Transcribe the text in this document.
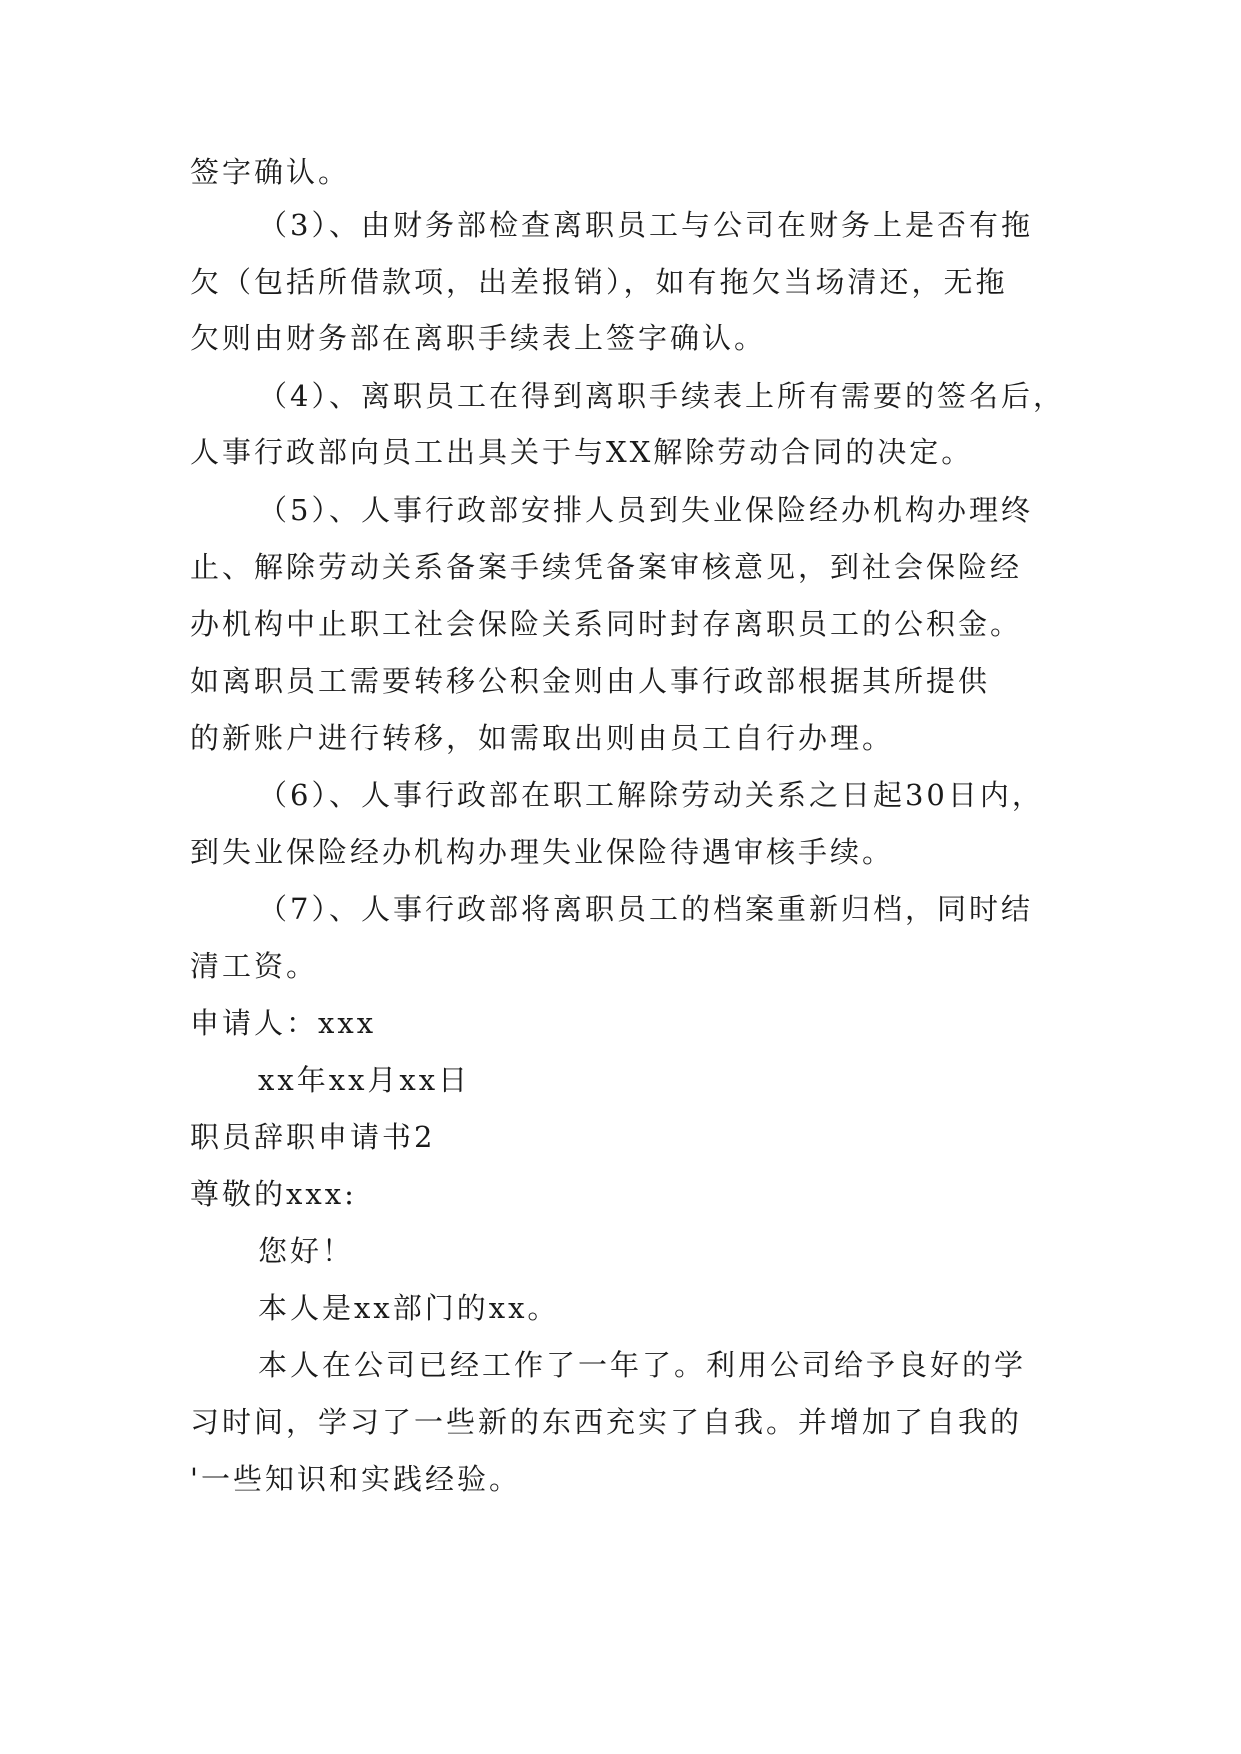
签字确认。
（3）、由财务部检查离职员工与公司在财务上是否有拖
欠（包括所借款项，出差报销），如有拖欠当场清还，无拖
欠则由财务部在离职手续表上签字确认。
（4）、离职员工在得到离职手续表上所有需要的签名后，
人事行政部向员工出具关于与XX解除劳动合同的决定。
（5）、人事行政部安排人员到失业保险经办机构办理终
止、解除劳动关系备案手续凭备案审核意见，到社会保险经
办机构中止职工社会保险关系同时封存离职员工的公积金。
如离职员工需要转移公积金则由人事行政部根据其所提供
的新账户进行转移，如需取出则由员工自行办理。
（6）、人事行政部在职工解除劳动关系之日起30日内，
到失业保险经办机构办理失业保险待遇审核手续。
（7）、人事行政部将离职员工的档案重新归档，同时结
清工资。
申请人：xxx
xx年xx月xx日
职员辞职申请书2
尊敬的xxx:
您好！
本人是xx部门的xx。
本人在公司已经工作了一年了。利用公司给予良好的学
习时间，学习了一些新的东西充实了自我。并增加了自我的
'一些知识和实践经验。
